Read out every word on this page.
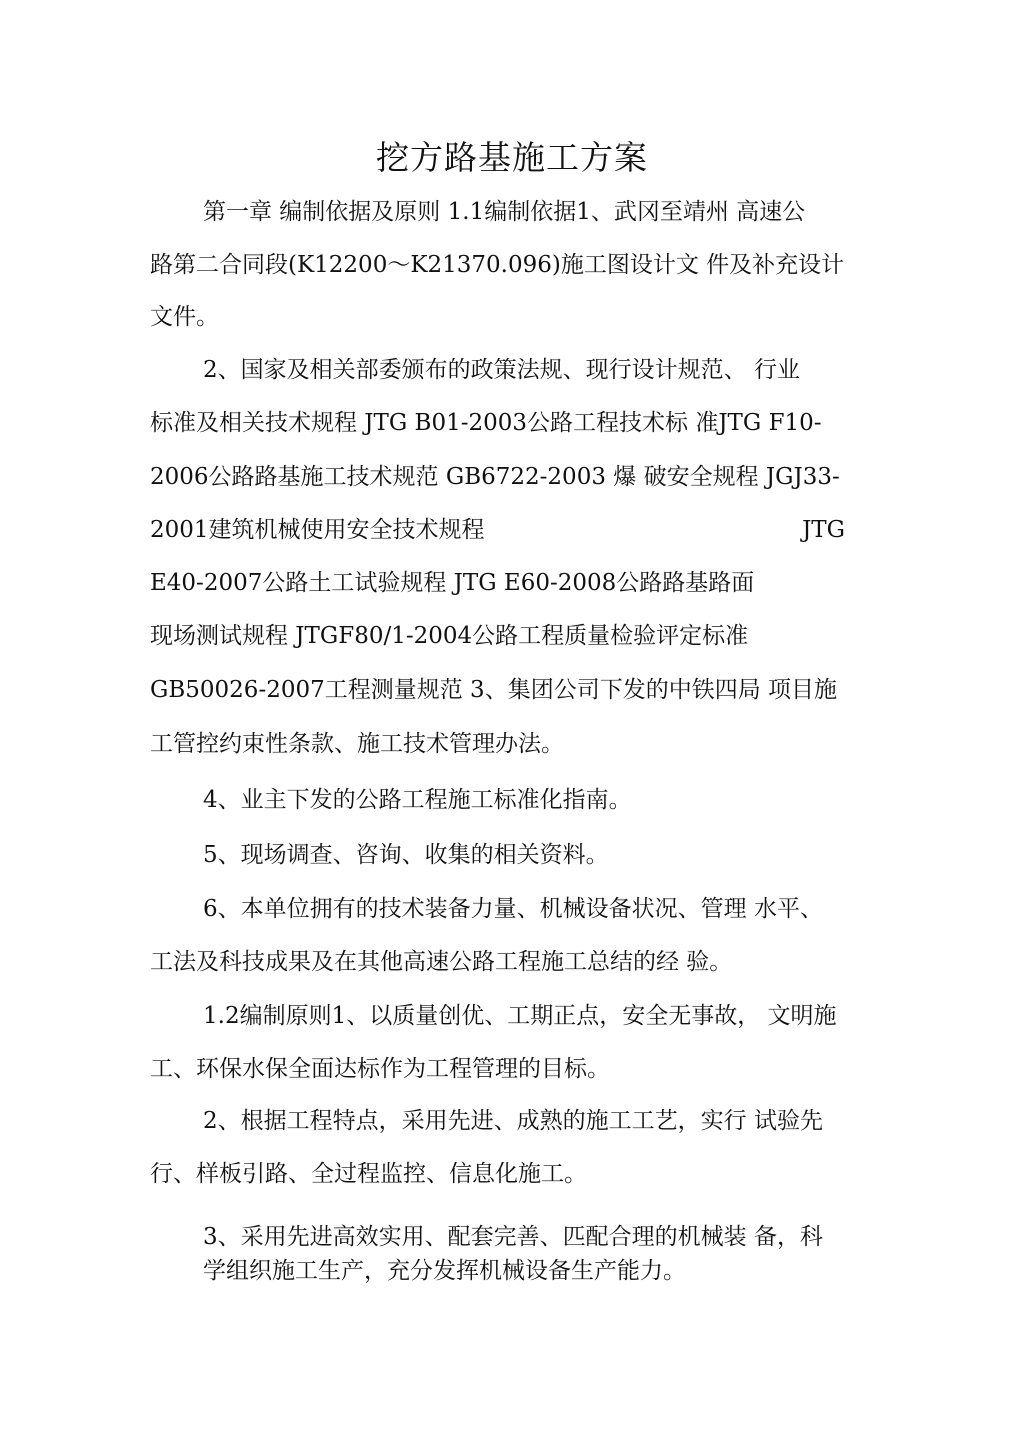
挖方路基施工方案
第一章 编制依据及原则 1.1编制依据1、武冈至靖州 高速公
路第二合同段(K12200～K21370.096)施工图设计文 件及补充设计
文件。
2、国家及相关部委颁布的政策法规、现行设计规范、 行业
标准及相关技术规程 JTG B01-2003公路工程技术标 准JTG F10-
2006公路路基施工技术规范 GB6722-2003 爆 破安全规程 JGJ33-
2001建筑机械使用安全技术规程	JTG
E40-2007公路土工试验规程 JTG E60-2008公路路基路面
现场测试规程 JTGF80/1-2004公路工程质量检验评定标准
GB50026-2007工程测量规范 3、集团公司下发的中铁四局 项目施
工管控约束性条款、施工技术管理办法。
4、业主下发的公路工程施工标准化指南。
5、现场调查、咨询、收集的相关资料。
6、本单位拥有的技术装备力量、机械设备状况、管理 水平、
工法及科技成果及在其他高速公路工程施工总结的经 验。
1.2编制原则1、以质量创优、工期正点，安全无事故， 文明施
工、环保水保全面达标作为工程管理的目标。
2、根据工程特点，采用先进、成熟的施工工艺，实行 试验先
行、样板引路、全过程监控、信息化施工。
3、采用先进高效实用、配套完善、匹配合理的机械装 备，科
学组织施工生产，充分发挥机械设备生产能力。
